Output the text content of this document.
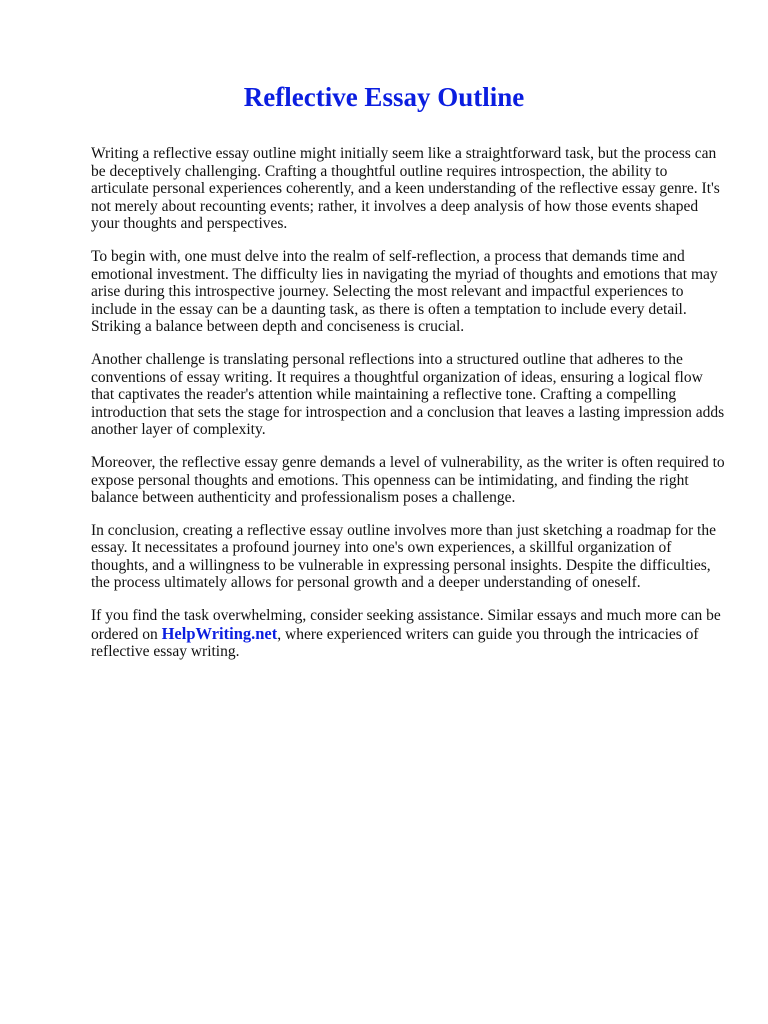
Reflective Essay Outline

Writing a reflective essay outline might initially seem like a straightforward task, but the process can be deceptively challenging. Crafting a thoughtful outline requires introspection, the ability to articulate personal experiences coherently, and a keen understanding of the reflective essay genre. It's not merely about recounting events; rather, it involves a deep analysis of how those events shaped your thoughts and perspectives.

To begin with, one must delve into the realm of self-reflection, a process that demands time and emotional investment. The difficulty lies in navigating the myriad of thoughts and emotions that may arise during this introspective journey. Selecting the most relevant and impactful experiences to include in the essay can be a daunting task, as there is often a temptation to include every detail. Striking a balance between depth and conciseness is crucial.

Another challenge is translating personal reflections into a structured outline that adheres to the conventions of essay writing. It requires a thoughtful organization of ideas, ensuring a logical flow that captivates the reader's attention while maintaining a reflective tone. Crafting a compelling introduction that sets the stage for introspection and a conclusion that leaves a lasting impression adds another layer of complexity.

Moreover, the reflective essay genre demands a level of vulnerability, as the writer is often required to expose personal thoughts and emotions. This openness can be intimidating, and finding the right balance between authenticity and professionalism poses a challenge.

In conclusion, creating a reflective essay outline involves more than just sketching a roadmap for the essay. It necessitates a profound journey into one's own experiences, a skillful organization of thoughts, and a willingness to be vulnerable in expressing personal insights. Despite the difficulties, the process ultimately allows for personal growth and a deeper understanding of oneself.

If you find the task overwhelming, consider seeking assistance. Similar essays and much more can be ordered on HelpWriting.net, where experienced writers can guide you through the intricacies of reflective essay writing.
